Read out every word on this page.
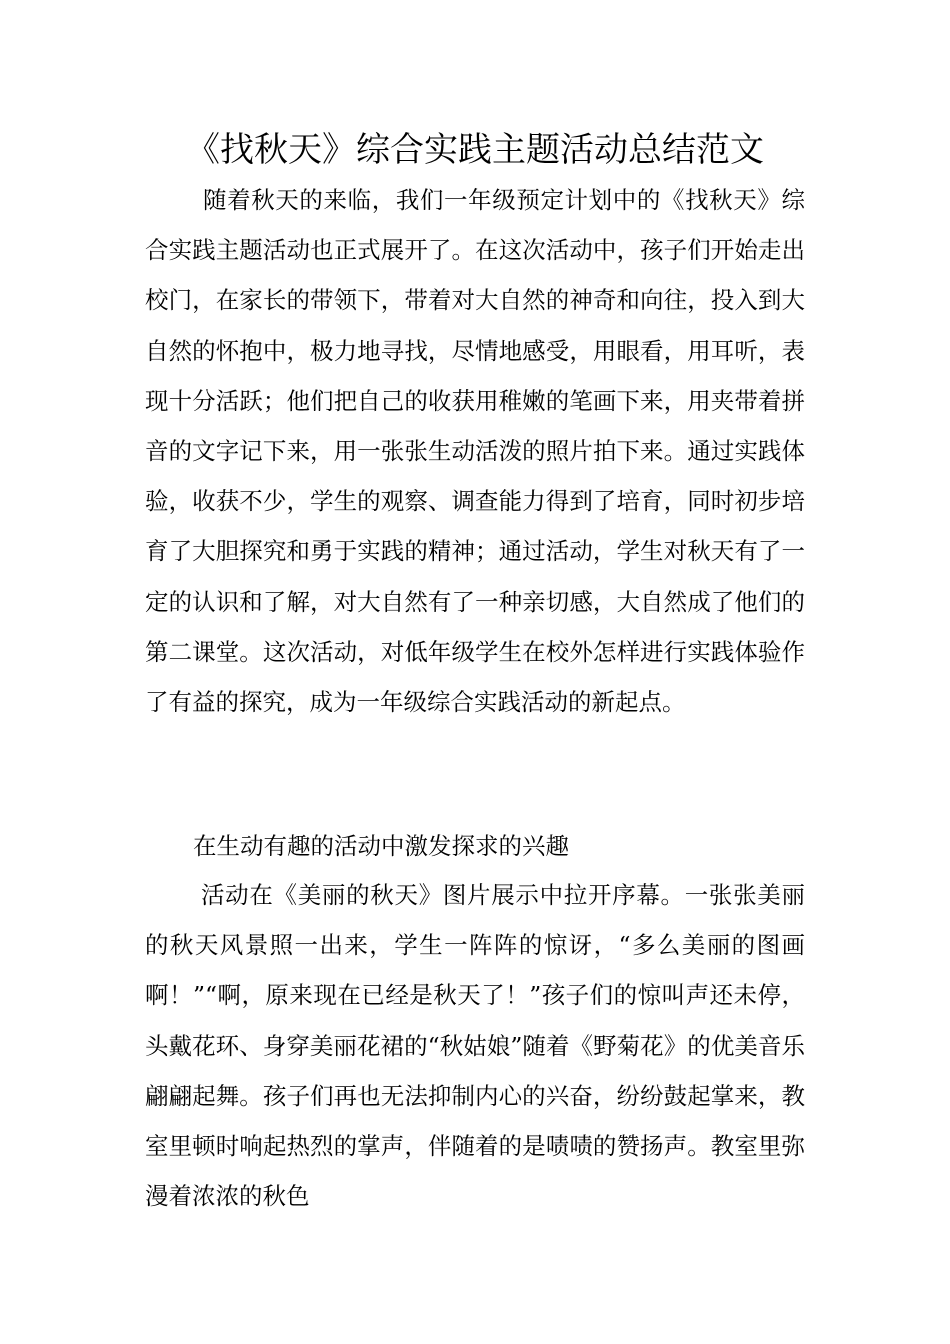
《找秋天》综合实践主题活动总结范文

随着秋天的来临，我们一年级预定计划中的《找秋天》综合实践主题活动也正式展开了。在这次活动中，孩子们开始走出校门，在家长的带领下，带着对大自然的神奇和向往，投入到大自然的怀抱中，极力地寻找，尽情地感受，用眼看，用耳听，表现十分活跃；他们把自己的收获用稚嫩的笔画下来，用夹带着拼音的文字记下来，用一张张生动活泼的照片拍下来。通过实践体验，收获不少，学生的观察、调查能力得到了培育，同时初步培育了大胆探究和勇于实践的精神；通过活动，学生对秋天有了一定的认识和了解，对大自然有了一种亲切感，大自然成了他们的第二课堂。这次活动，对低年级学生在校外怎样进行实践体验作了有益的探究，成为一年级综合实践活动的新起点。

在生动有趣的活动中激发探求的兴趣

活动在《美丽的秋天》图片展示中拉开序幕。一张张美丽的秋天风景照一出来，学生一阵阵的惊讶，“多么美丽的图画啊！”“啊，原来现在已经是秋天了！”孩子们的惊叫声还未停，头戴花环、身穿美丽花裙的“秋姑娘”随着《野菊花》的优美音乐翩翩起舞。孩子们再也无法抑制内心的兴奋，纷纷鼓起掌来，教室里顿时响起热烈的掌声，伴随着的是啧啧的赞扬声。教室里弥漫着浓浓的秋色
